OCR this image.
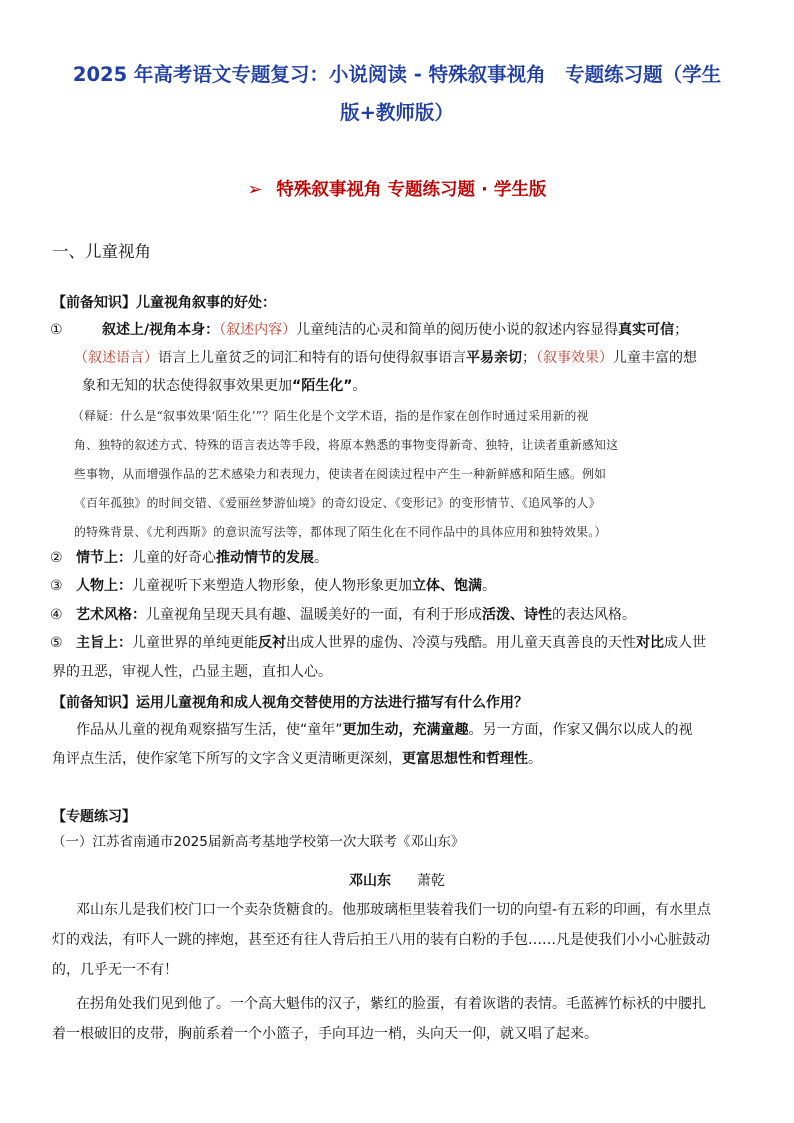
2025 年高考语文专题复习：小说阅读 - 特殊叙事视角　专题练习题（学生
版+教师版）
➢ 特殊叙事视角 专题练习题 · 学生版
一、儿童视角
【前备知识】儿童视角叙事的好处：
①	叙述上/视角本身：（叙述内容）儿童纯洁的心灵和简单的阅历使小说的叙述内容显得真实可信；
（叙述语言）语言上儿童贫乏的词汇和特有的语句使得叙事语言平易亲切；（叙事效果）儿童丰富的想
象和无知的状态使得叙事效果更加“陌生化”。
（释疑：什么是“叙事效果‘陌生化’”？陌生化是个文学术语，指的是作家在创作时通过采用新的视
角、独特的叙述方式、特殊的语言表达等手段，将原本熟悉的事物变得新奇、独特，让读者重新感知这
些事物，从而增强作品的艺术感染力和表现力，使读者在阅读过程中产生一种新鲜感和陌生感。例如
《百年孤独》的时间交错、《爱丽丝梦游仙境》的奇幻设定、《变形记》的变形情节、《追风筝的人》
的特殊背景、《尤利西斯》的意识流写法等，都体现了陌生化在不同作品中的具体应用和独特效果。）
② 情节上：儿童的好奇心推动情节的发展。
③ 人物上：儿童视听下来塑造人物形象，使人物形象更加立体、饱满。
④ 艺术风格：儿童视角呈现天具有趣、温暖美好的一面，有利于形成活泼、诗性的表达风格。
⑤ 主旨上：儿童世界的单纯更能反衬出成人世界的虚伪、冷漠与残酷。用儿童天真善良的天性对比成人世
界的丑恶，审视人性，凸显主题，直扣人心。
【前备知识】运用儿童视角和成人视角交替使用的方法进行描写有什么作用？
作品从儿童的视角观察描写生活，使“童年”更加生动，充满童趣。另一方面，作家又偶尔以成人的视
角评点生活，使作家笔下所写的文字含义更清晰更深刻，更富思想性和哲理性。
【专题练习】
（一）江苏省南通市2025届新高考基地学校第一次大联考《邓山东》
邓山东 萧乾
邓山东儿是我们校门口一个卖杂货糖食的。他那玻璃柜里装着我们一切的向望-有五彩的印画，有水里点
灯的戏法，有吓人一跳的摔炮，甚至还有往人背后拍王八用的装有白粉的手包……凡是使我们小小心脏鼓动
的，几乎无一不有！
在拐角处我们见到他了。一个高大魁伟的汉子，紫红的脸蛋，有着诙谐的表情。毛蓝裤竹标袄的中腰扎
着一根破旧的皮带，胸前系着一个小篮子，手向耳边一梢，头向天一仰，就又唱了起来。
